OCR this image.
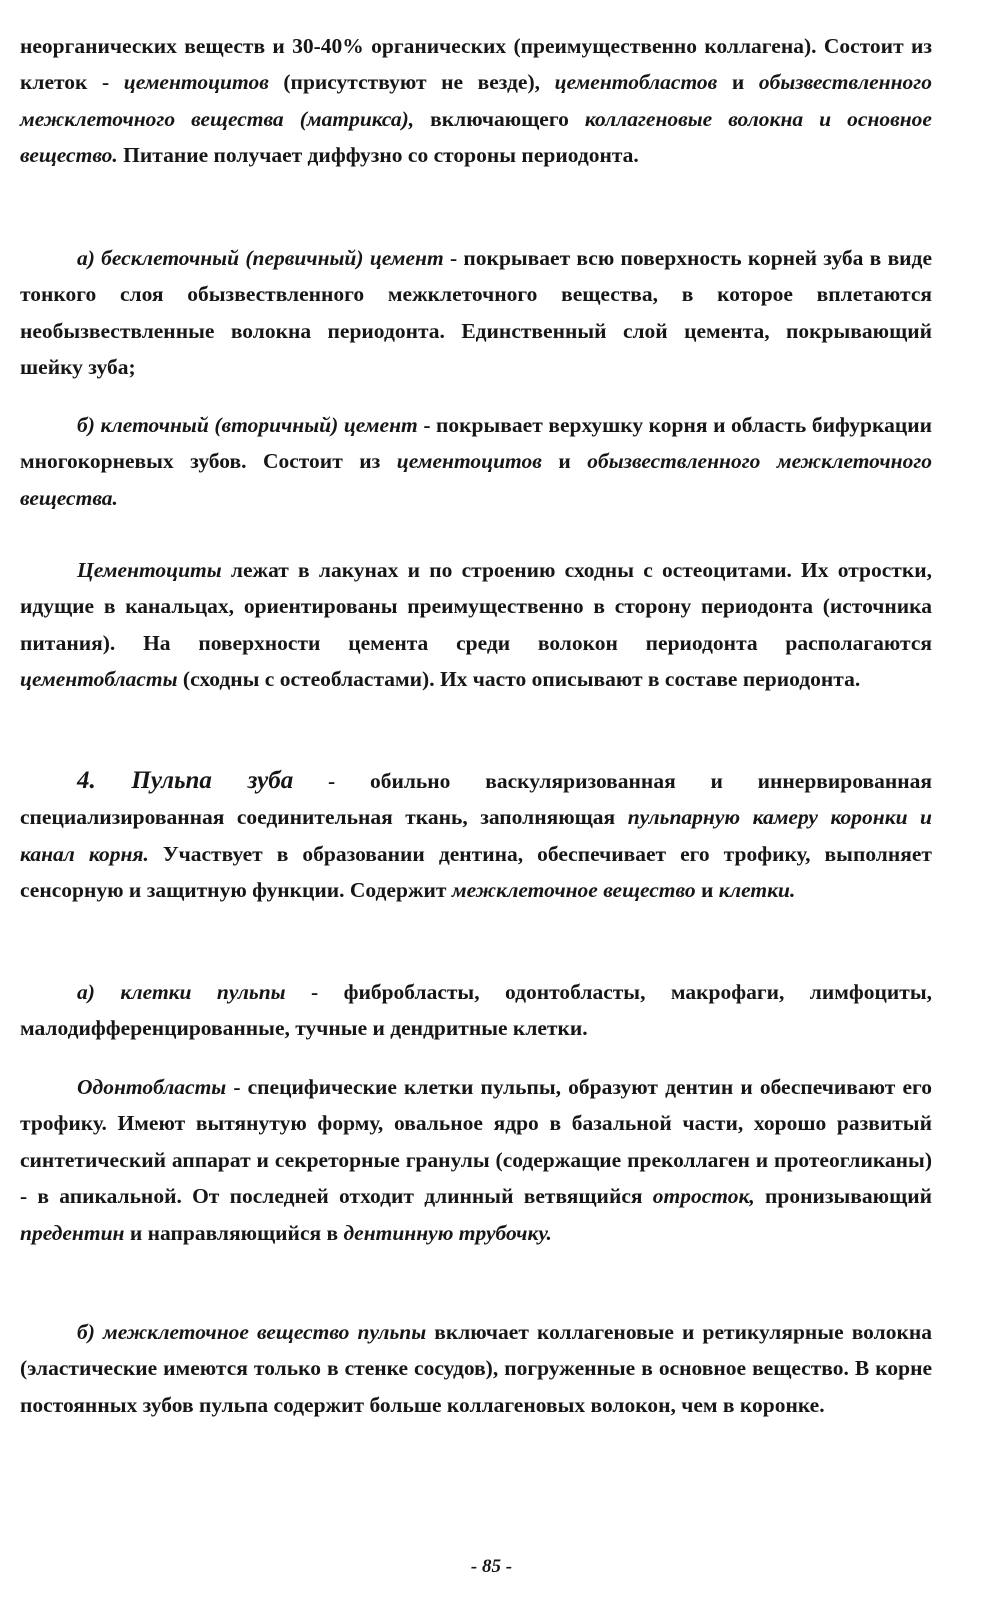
неорганических веществ и 30-40% органических (преимущественно коллагена). Состоит из клеток - цементоцитов (присутствуют не везде), цементобластов и обызвествленного межклеточного вещества (матрикса), включающего коллагеновые волокна и основное вещество. Питание получает диффузно со стороны периодонта.

а) бесклеточный (первичный) цемент - покрывает всю поверхность корней зуба в виде тонкого слоя обызвествленного межклеточного вещества, в которое вплетаются необызвествленные волокна периодонта. Единственный слой цемента, покрывающий шейку зуба;

б) клеточный (вторичный) цемент - покрывает верхушку корня и область бифуркации многокорневых зубов. Состоит из цементоцитов и обызвествленного межклеточного вещества.

Цементоциты лежат в лакунах и по строению сходны с остеоцитами. Их отростки, идущие в канальцах, ориентированы преимущественно в сторону периодонта (источника питания). На поверхности цемента среди волокон периодонта располагаются цементобласты (сходны с остеобластами). Их часто описывают в составе периодонта.

4. Пульпа зуба - обильно васкуляризованная и иннервированная специализированная соединительная ткань, заполняющая пульпарную камеру коронки и канал корня. Участвует в образовании дентина, обеспечивает его трофику, выполняет сенсорную и защитную функции. Содержит межклеточное вещество и клетки.

а) клетки пульпы - фибробласты, одонтобласты, макрофаги, лимфоциты, малодифференцированные, тучные и дендритные клетки.

Одонтобласты - специфические клетки пульпы, образуют дентин и обеспечивают его трофику. Имеют вытянутую форму, овальное ядро в базальной части, хорошо развитый синтетический аппарат и секреторные гранулы (содержащие преколлаген и протеогликаны) - в апикальной. От последней отходит длинный ветвящийся отросток, пронизывающий предентин и направляющийся в дентинную трубочку.

б) межклеточное вещество пульпы включает коллагеновые и ретикулярные волокна (эластические имеются только в стенке сосудов), погруженные в основное вещество. В корне постоянных зубов пульпа содержит больше коллагеновых волокон, чем в коронке.

- 85 -
